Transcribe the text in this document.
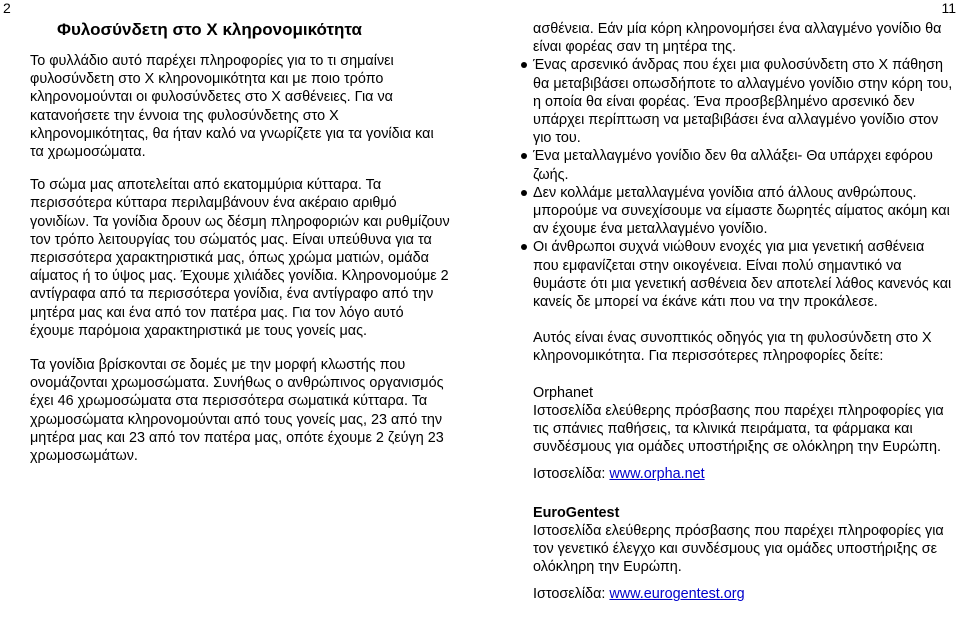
2	11
Φυλοσύνδετη στο Χ κληρονομικότητα

Το φυλλάδιο αυτό παρέχει πληροφορίες για το τι σημαίνει φυλοσύνδετη στο Χ κληρονομικότητα και με ποιο τρόπο κληρονομούνται οι φυλοσύνδετες στο Χ ασθένειες. Για να κατανοήσετε την έννοια της φυλοσύνδετης στο Χ κληρονομικότητας, θα ήταν καλό να γνωρίζετε για τα γονίδια και τα χρωμοσώματα.

Το σώμα μας αποτελείται από εκατομμύρια κύτταρα. Τα περισσότερα κύτταρα περιλαμβάνουν ένα ακέραιο αριθμό γονιδίων. Τα γονίδια δρουν ως δέσμη πληροφοριών και ρυθμίζουν τον τρόπο λειτουργίας του σώματός μας. Είναι υπεύθυνα για τα περισσότερα χαρακτηριστικά μας, όπως χρώμα ματιών, ομάδα αίματος ή το ύψος μας. Έχουμε χιλιάδες γονίδια. Κληρονομούμε 2 αντίγραφα από τα περισσότερα γονίδια, ένα αντίγραφο από την μητέρα μας και ένα από τον πατέρα μας. Για τον λόγο αυτό έχουμε παρόμοια χαρακτηριστικά με τους γονείς μας.

Τα γονίδια βρίσκονται σε δομές με την μορφή κλωστής που ονομάζονται χρωμοσώματα. Συνήθως ο ανθρώπινος οργανισμός έχει 46 χρωμοσώματα στα περισσότερα σωματικά κύτταρα. Τα χρωμοσώματα κληρονομούνται από τους γονείς μας, 23 από την μητέρα μας και 23 από τον πατέρα μας, οπότε έχουμε 2 ζεύγη 23 χρωμοσωμάτων.

ασθένεια. Εάν μία κόρη κληρονομήσει ένα αλλαγμένο γονίδιο θα είναι φορέας σαν τη μητέρα της.
Ένας αρσενικό άνδρας που έχει μια φυλοσύνδετη στο Χ πάθηση θα μεταβιβάσει οπωσδήποτε το αλλαγμένο γονίδιο στην κόρη του, η οποία θα είναι φορέας. Ένα προσβεβλημένο αρσενικό δεν υπάρχει περίπτωση να μεταβιβάσει ένα αλλαγμένο γονίδιο στον γιο του.
Ένα μεταλλαγμένο γονίδιο δεν θα αλλάξει- Θα υπάρχει εφόρου ζωής.
Δεν κολλάμε μεταλλαγμένα γονίδια από άλλους ανθρώπους. μπορούμε να συνεχίσουμε να είμαστε δωρητές αίματος ακόμη και αν έχουμε ένα μεταλλαγμένο γονίδιο.
Οι άνθρωποι συχνά νιώθουν ενοχές για μια γενετική ασθένεια που εμφανίζεται στην οικογένεια. Είναι πολύ σημαντικό να θυμάστε ότι μια γενετική ασθένεια δεν αποτελεί λάθος κανενός και κανείς δε μπορεί να έκάνε κάτι που να την προκάλεσε.

Αυτός είναι ένας συνοπτικός οδηγός για τη φυλοσύνδετη στο Χ κληρονομικότητα. Για περισσότερες πληροφορίες δείτε:

Orphanet
Ιστοσελίδα ελεύθερης πρόσβασης που παρέχει πληροφορίες για τις σπάνιες παθήσεις, τα κλινικά πειράματα, τα φάρμακα και συνδέσμους για ομάδες υποστήριξης σε ολόκληρη την Ευρώπη.
Ιστοσελίδα: www.orpha.net
EuroGentest
Ιστοσελίδα ελεύθερης πρόσβασης που παρέχει πληροφορίες για τον γενετικό έλεγχο και συνδέσμους για ομάδες υποστήριξης σε ολόκληρη την Ευρώπη.
Ιστοσελίδα: www.eurogentest.org
